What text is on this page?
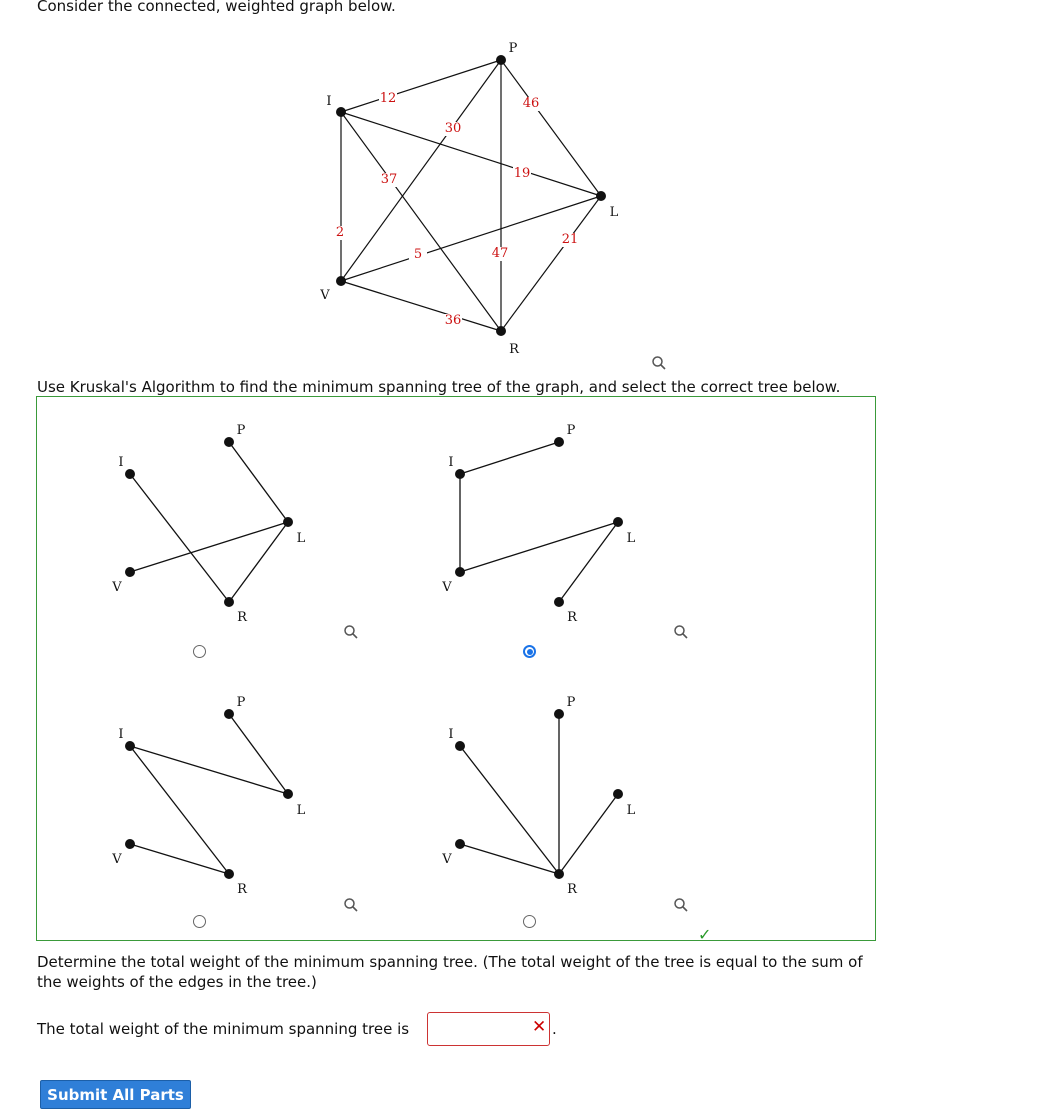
Consider the connected, weighted graph below.
12
30
46
19
37
2
5	47
21
36
P
I
L
V
R
Use Kruskal's Algorithm to find the minimum spanning tree of the graph, and select the correct tree below.
P
I
L
V
R
P
I
L
V
R
P
I
L
V
R
P
I
L
V
R
✓
Determine the total weight of the minimum spanning tree. (The total weight of the tree is equal to the sum of the weights of the edges in the tree.)
The total weight of the minimum spanning tree is	✕ .
Submit All Parts
